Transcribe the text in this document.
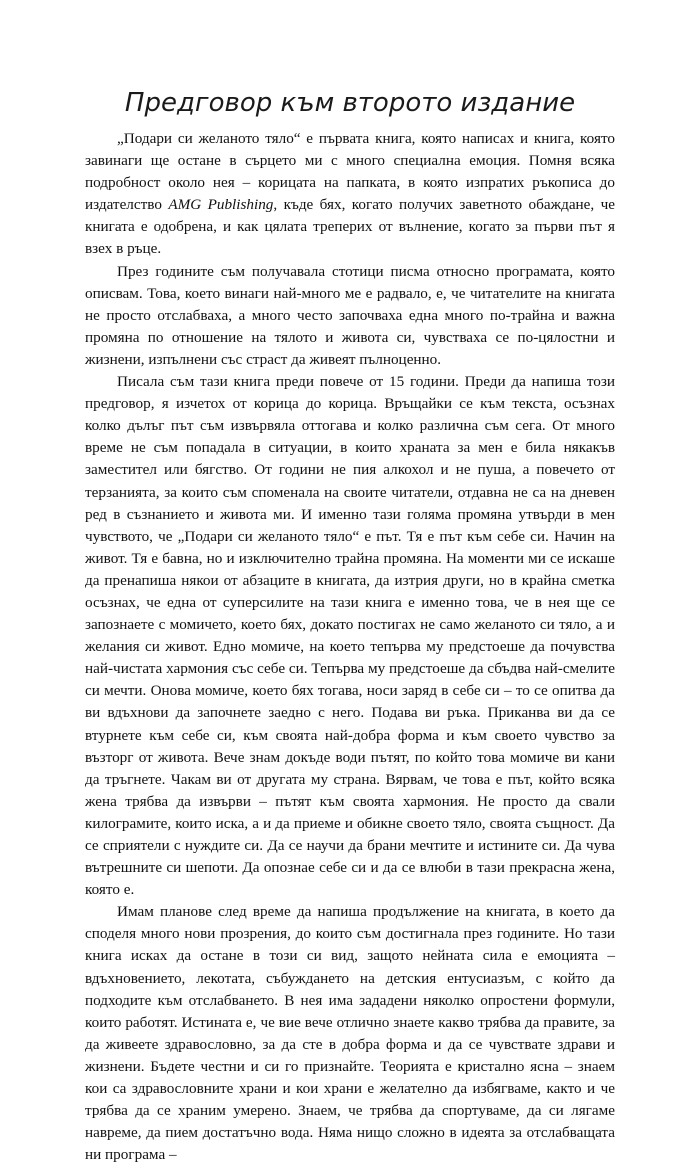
Предговор към второто издание

„Подари си желаното тяло“ е първата книга, която написах и книга, която завинаги ще остане в сърцето ми с много специална емоция. Помня всяка подробност около нея – корицата на папката, в която изпратих ръкописа до издателство AMG Publishing, къде бях, когато получих заветното обаждане, че книгата е одобрена, и как цялата треперих от вълнение, когато за първи път я взех в ръце.

През годините съм получавала стотици писма относно програмата, която описвам. Това, което винаги най-много ме е радвало, е, че читателите на книгата не просто отслабваха, а много често започваха една много по-трайна и важна промяна по отношение на тялото и живота си, чувстваха се по-цялостни и жизнени, изпълнени със страст да живеят пълноценно.

Писала съм тази книга преди повече от 15 години. Преди да напиша този предговор, я изчетох от корица до корица. Връщайки се към текста, осъзнах колко дълъг път съм извървяла оттогава и колко различна съм сега. От много време не съм попадала в ситуации, в които храната за мен е била някакъв заместител или бягство. От години не пия алкохол и не пуша, а повечето от терзанията, за които съм споменала на своите читатели, отдавна не са на дневен ред в съзнанието и живота ми. И именно тази голяма промяна утвърди в мен чувството, че „Подари си желаното тяло“ е път. Тя е път към себе си. Начин на живот. Тя е бавна, но и изключително трайна промяна. На моменти ми се искаше да пренапиша някои от абзаците в книгата, да изтрия други, но в крайна сметка осъзнах, че една от суперсилите на тази книга е именно това, че в нея ще се запознаете с момичето, което бях, докато постигах не само желаното си тяло, а и желания си живот. Едно момиче, на което тепърва му предстоеше да почувства най-чистата хармония със себе си. Тепърва му предстоеше да сбъдва най-смелите си мечти. Онова момиче, което бях тогава, носи заряд в себе си – то се опитва да ви вдъхнови да започнете заедно с него. Подава ви ръка. Приканва ви да се втурнете към себе си, към своята най-добра форма и към своето чувство за възторг от живота. Вече знам докъде води пътят, по който това момиче ви кани да тръгнете. Чакам ви от другата му страна. Вярвам, че това е път, който всяка жена трябва да извърви – пътят към своята хармония. Не просто да свали килограмите, които иска, а и да приеме и обикне своето тяло, своята същност. Да се сприятели с нуждите си. Да се научи да брани мечтите и истините си. Да чува вътрешните си шепоти. Да опознае себе си и да се влюби в тази прекрасна жена, която е.

Имам планове след време да напиша продължение на книгата, в което да споделя много нови прозрения, до които съм достигнала през годините. Но тази книга исках да остане в този си вид, защото нейната сила е емоцията – вдъхновението, лекотата, събуждането на детския ентусиазъм, с който да подходите към отслабването. В нея има зададени няколко опростени формули, които работят. Истината е, че вие вече отлично знаете какво трябва да правите, за да живеете здравословно, за да сте в добра форма и да се чувствате здрави и жизнени. Бъдете честни и си го признайте. Теорията е кристално ясна – знаем кои са здравословните храни и кои храни е желателно да избягваме, както и че трябва да се храним умерено. Знаем, че трябва да спортуваме, да си лягаме навреме, да пием достатъчно вода. Няма нищо сложно в идеята за отслабващата ни програма –
